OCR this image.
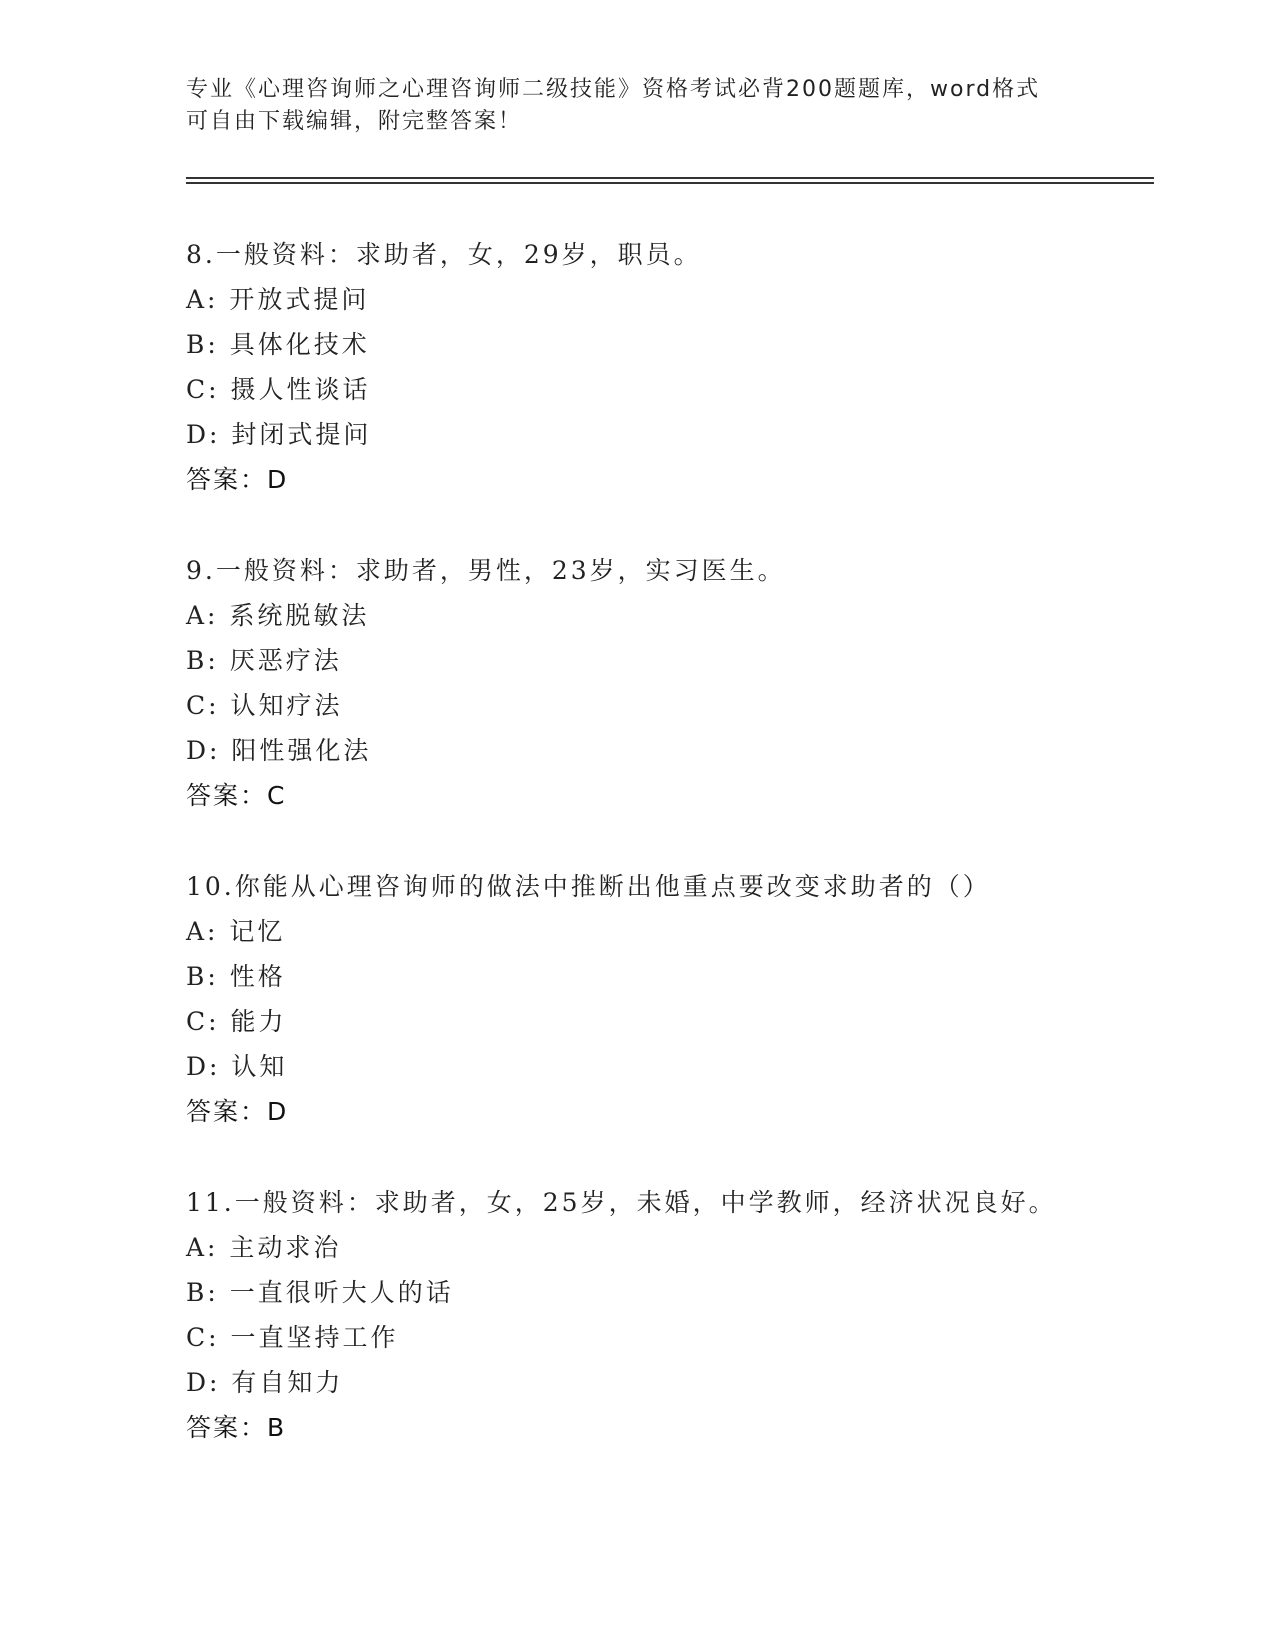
专业《心理咨询师之心理咨询师二级技能》资格考试必背200题题库，word格式
可自由下载编辑，附完整答案！
8.一般资料：求助者，女，29岁，职员。
A: 开放式提问
B: 具体化技术
C: 摄人性谈话
D: 封闭式提问
答案：D
9.一般资料：求助者，男性，23岁，实习医生。
A: 系统脱敏法
B: 厌恶疗法
C: 认知疗法
D: 阳性强化法
答案：C
10.你能从心理咨询师的做法中推断出他重点要改变求助者的（）
A: 记忆
B: 性格
C: 能力
D: 认知
答案：D
11.一般资料：求助者，女，25岁，未婚，中学教师，经济状况良好。
A: 主动求治
B: 一直很听大人的话
C: 一直坚持工作
D: 有自知力
答案：B
